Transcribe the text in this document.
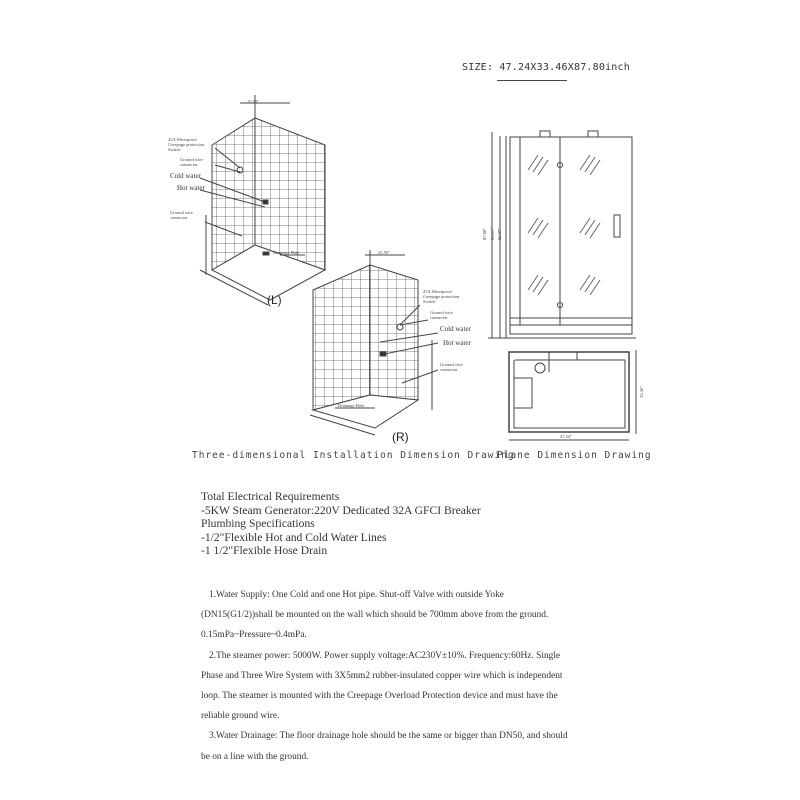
SIZE: 47.24X33.46X87.80inch
25.59"
25A Waterproof Creepage protection Switch
Ground wire connector
Cold water
Hot water
Ground wire connector
Drainage Hole
(L)
25.59"
25A Waterproof Creepage protection Switch
Ground wire connector
Cold water
Hot water
Ground wire connector
Drainage Hole
(R)
87.80" 86.61" 83.07"
47.24"
33.46"
Three-dimensional Installation Dimension Drawing
Plane Dimension Drawing
Total Electrical Requirements
-5KW Steam Generator:220V Dedicated 32A GFCI Breaker
Plumbing Specifications
-1/2"Flexible Hot and Cold Water Lines
-1 1/2"Flexible Hose Drain

1.Water Supply: One Cold and one Hot pipe. Shut-off Valve with outside Yoke

(DN15(G1/2))shall be mounted on the wall which should be 700mm above from the ground.

0.15mPa~Pressure~0.4mPa.

2.The steamer power: 5000W. Power supply voltage:AC230V±10%. Frequency:60Hz. Single

Phase and Three Wire System with 3X5mm2 rubber-insulated copper wire which is independent

loop. The steamer is mounted with the Creepage Overload Protection device and must have the

reliable ground wire.

3.Water Drainage: The floor drainage hole should be the same or bigger than DN50, and should

be on a line with the ground.
